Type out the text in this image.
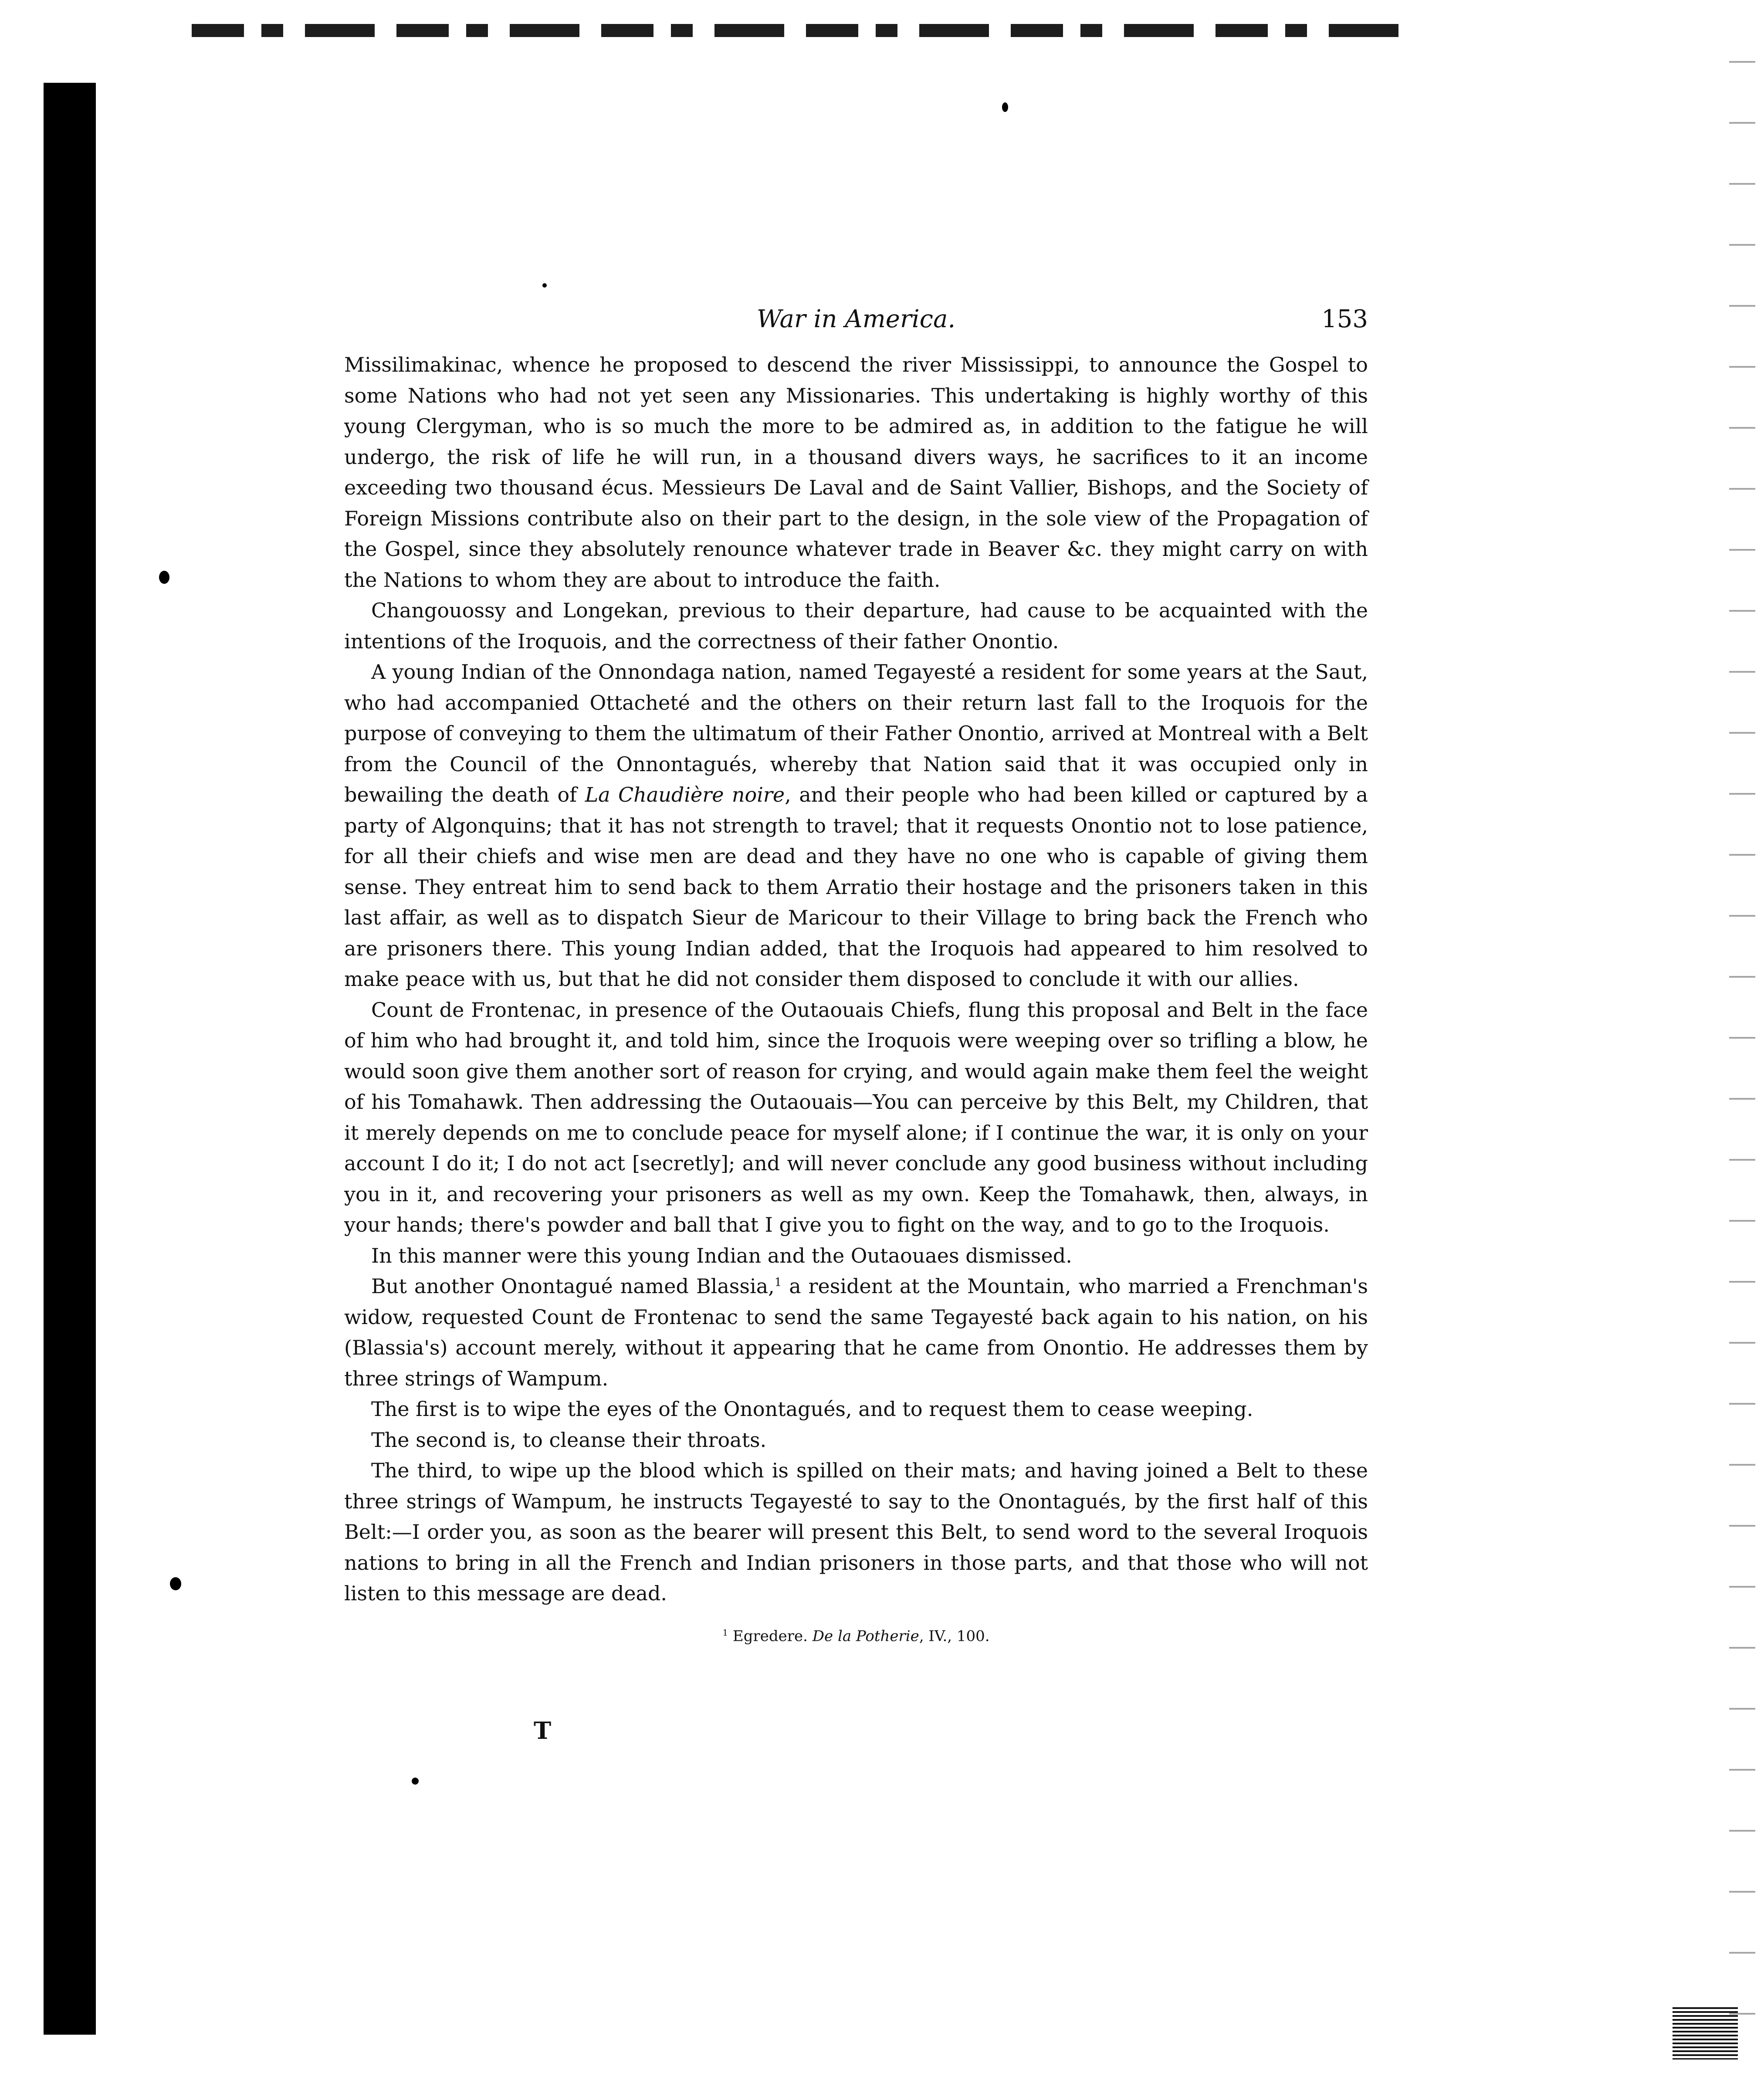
War in America.	153

Missilimakinac, whence he proposed to descend the river Mississippi, to announce the Gospel to some Nations who had not yet seen any Missionaries. This undertaking is highly worthy of this young Clergyman, who is so much the more to be admired as, in addition to the fatigue he will undergo, the risk of life he will run, in a thousand divers ways, he sacrifices to it an income exceeding two thousand écus. Messieurs De Laval and de Saint Vallier, Bishops, and the Society of Foreign Missions contribute also on their part to the design, in the sole view of the Propagation of the Gospel, since they absolutely renounce whatever trade in Beaver &c. they might carry on with the Nations to whom they are about to introduce the faith.

Changouossy and Longekan, previous to their departure, had cause to be acquainted with the intentions of the Iroquois, and the correctness of their father Onontio.

A young Indian of the Onnondaga nation, named Tegayesté a resident for some years at the Saut, who had accompanied Ottacheté and the others on their return last fall to the Iroquois for the purpose of conveying to them the ultimatum of their Father Onontio, arrived at Montreal with a Belt from the Council of the Onnontagués, whereby that Nation said that it was occupied only in bewailing the death of La Chaudière noire, and their people who had been killed or captured by a party of Algonquins; that it has not strength to travel; that it requests Onontio not to lose patience, for all their chiefs and wise men are dead and they have no one who is capable of giving them sense. They entreat him to send back to them Arratio their hostage and the prisoners taken in this last affair, as well as to dispatch Sieur de Maricour to their Village to bring back the French who are prisoners there. This young Indian added, that the Iroquois had appeared to him resolved to make peace with us, but that he did not consider them disposed to conclude it with our allies.

Count de Frontenac, in presence of the Outaouais Chiefs, flung this proposal and Belt in the face of him who had brought it, and told him, since the Iroquois were weeping over so trifling a blow, he would soon give them another sort of reason for crying, and would again make them feel the weight of his Tomahawk. Then addressing the Outaouais—You can perceive by this Belt, my Children, that it merely depends on me to conclude peace for myself alone; if I continue the war, it is only on your account I do it; I do not act [secretly]; and will never conclude any good business without including you in it, and recovering your prisoners as well as my own. Keep the Tomahawk, then, always, in your hands; there's powder and ball that I give you to fight on the way, and to go to the Iroquois.

In this manner were this young Indian and the Outaouaes dismissed.

But another Onontagué named Blassia,$^1$ a resident at the Mountain, who married a Frenchman's widow, requested Count de Frontenac to send the same Tegayesté back again to his nation, on his (Blassia's) account merely, without it appearing that he came from Onontio. He addresses them by three strings of Wampum.

The first is to wipe the eyes of the Onontagués, and to request them to cease weeping.

The second is, to cleanse their throats.

The third, to wipe up the blood which is spilled on their mats; and having joined a Belt to these three strings of Wampum, he instructs Tegayesté to say to the Onontagués, by the first half of this Belt:—I order you, as soon as the bearer will present this Belt, to send word to the several Iroquois nations to bring in all the French and Indian prisoners in those parts, and that those who will not listen to this message are dead.

$^1$ Egredere. De la Potherie, IV., 100.
T
